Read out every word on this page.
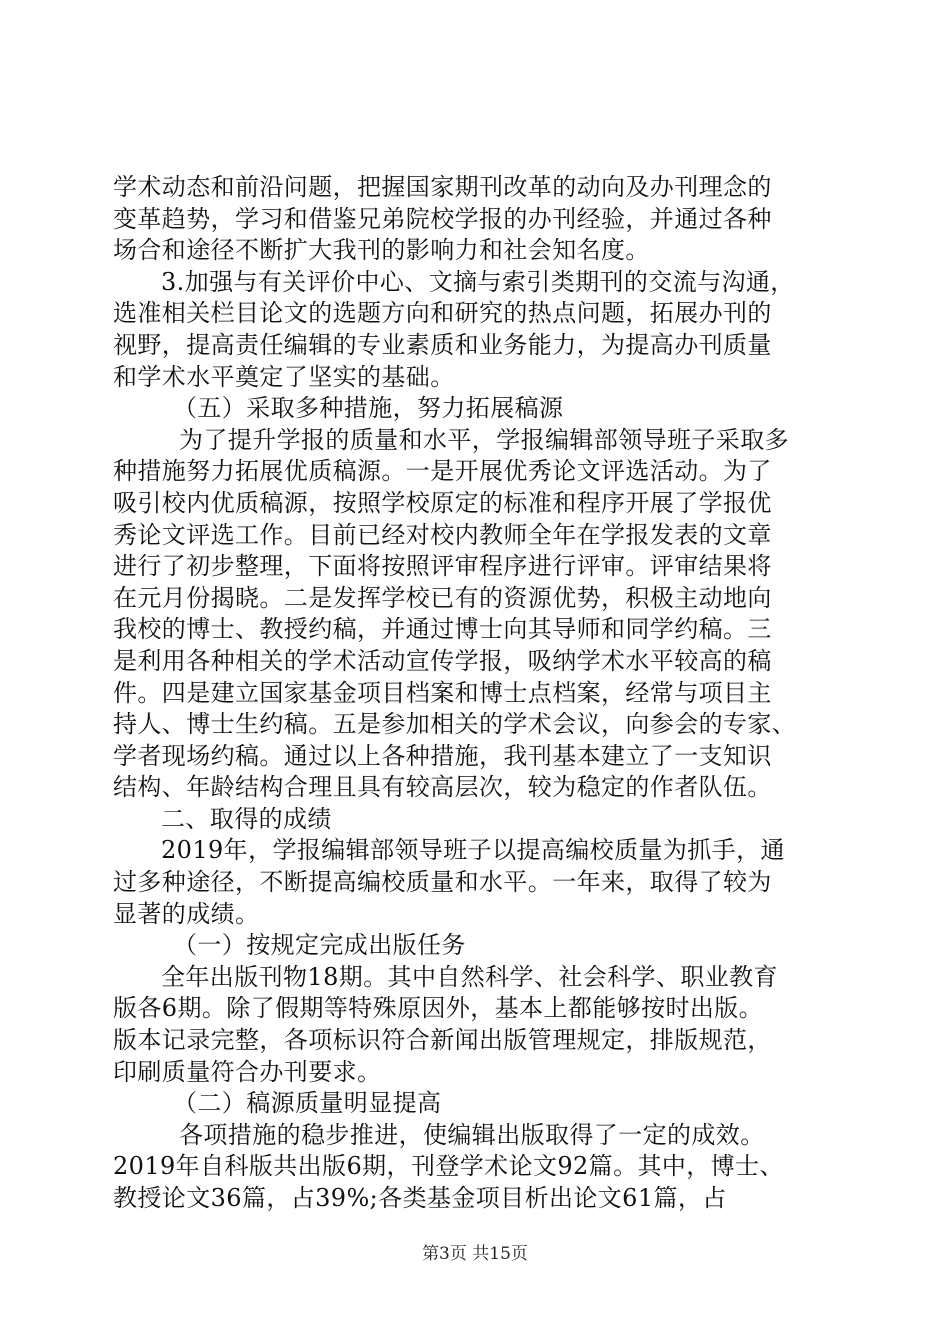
学术动态和前沿问题，把握国家期刊改革的动向及办刊理念的
变革趋势，学习和借鉴兄弟院校学报的办刊经验，并通过各种
场合和途径不断扩大我刊的影响力和社会知名度。
3.加强与有关评价中心、文摘与索引类期刊的交流与沟通，
选准相关栏目论文的选题方向和研究的热点问题，拓展办刊的
视野，提高责任编辑的专业素质和业务能力，为提高办刊质量
和学术水平奠定了坚实的基础。
（五）采取多种措施，努力拓展稿源
为了提升学报的质量和水平，学报编辑部领导班子采取多
种措施努力拓展优质稿源。一是开展优秀论文评选活动。为了
吸引校内优质稿源，按照学校原定的标准和程序开展了学报优
秀论文评选工作。目前已经对校内教师全年在学报发表的文章
进行了初步整理，下面将按照评审程序进行评审。评审结果将
在元月份揭晓。二是发挥学校已有的资源优势，积极主动地向
我校的博士、教授约稿，并通过博士向其导师和同学约稿。三
是利用各种相关的学术活动宣传学报，吸纳学术水平较高的稿
件。四是建立国家基金项目档案和博士点档案，经常与项目主
持人、博士生约稿。五是参加相关的学术会议，向参会的专家、
学者现场约稿。通过以上各种措施，我刊基本建立了一支知识
结构、年龄结构合理且具有较高层次，较为稳定的作者队伍。
二、取得的成绩
2019年，学报编辑部领导班子以提高编校质量为抓手，通
过多种途径，不断提高编校质量和水平。一年来，取得了较为
显著的成绩。
（一）按规定完成出版任务
全年出版刊物18期。其中自然科学、社会科学、职业教育
版各6期。除了假期等特殊原因外，基本上都能够按时出版。
版本记录完整，各项标识符合新闻出版管理规定，排版规范，
印刷质量符合办刊要求。
（二）稿源质量明显提高
各项措施的稳步推进，使编辑出版取得了一定的成效。
2019年自科版共出版6期，刊登学术论文92篇。其中，博士、
教授论文36篇，占39%;各类基金项目析出论文61篇，占
第3页 共15页
